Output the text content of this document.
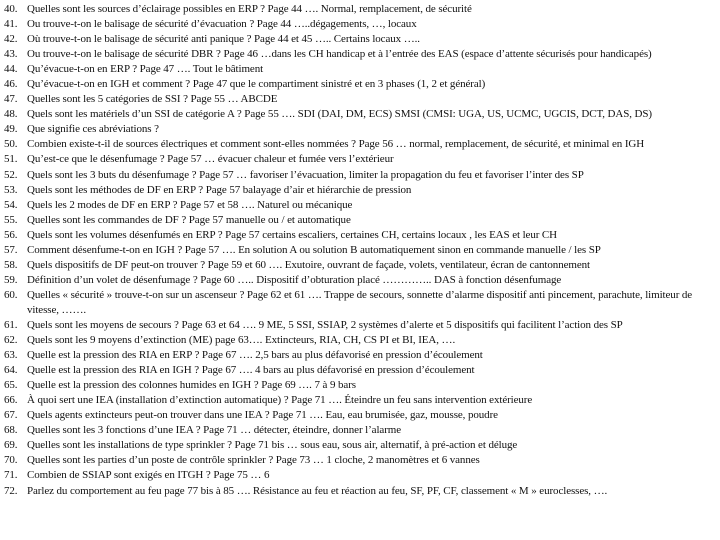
40. Quelles sont les sources d’éclairage possibles en ERP ? Page 44 …. Normal, remplacement, de sécurité
41. Ou trouve-t-on le balisage de sécurité d’évacuation ? Page 44 …..dégagements, …, locaux
42. Où trouve-t-on le balisage de sécurité anti panique ? Page 44 et 45 ….. Certains locaux …..
43. Ou trouve-t-on le balisage de sécurité DBR ? Page 46 …dans les CH handicap et à l’entrée des EAS (espace d’attente sécurisés pour handicapés)
44. Qu’évacue-t-on en ERP ? Page 47 …. Tout le bâtiment
46. Qu’évacue-t-on en IGH et comment ? Page 47 que le compartiment sinistré et en 3 phases (1, 2 et général)
47. Quelles sont les 5 catégories de SSI ? Page 55 … ABCDE
48. Quels sont les matériels d’un SSI de catégorie A ? Page 55 …. SDI (DAI, DM, ECS) SMSI (CMSI: UGA, US, UCMC, UGCIS, DCT, DAS, DS)
49. Que signifie ces abréviations ?
50. Combien existe-t-il de sources électriques et comment sont-elles nommées ? Page 56 … normal, remplacement, de sécurité, et minimal en IGH
51. Qu’est-ce que le désenfumage ? Page 57 … évacuer chaleur et fumée vers l’extérieur
52. Quels sont les 3 buts du désenfumage ? Page 57 … favoriser l’évacuation, limiter la propagation du feu et favoriser l’inter des SP
53. Quels sont les méthodes de DF en ERP ? Page 57 balayage d’air et hiérarchie de pression
54. Quels les 2 modes de DF en ERP ? Page 57 et 58 …. Naturel ou mécanique
55. Quelles sont les commandes de DF ? Page 57 manuelle ou / et automatique
56. Quels sont les volumes désenfumés en ERP ? Page 57 certains escaliers, certaines CH, certains locaux , les EAS et leur CH
57. Comment désenfume-t-on en IGH ? Page 57 …. En solution A ou solution B automatiquement sinon en commande manuelle / les SP
58. Quels dispositifs de DF peut-on trouver ? Page 59 et 60 …. Exutoire, ouvrant de façade, volets, ventilateur, écran de cantonnement
59. Définition d’un volet de désenfumage ? Page 60 ….. Dispositif d’obturation placé ………….. DAS à fonction désenfumage
60. Quelles « sécurité » trouve-t-on sur un ascenseur ? Page 62 et 61 …. Trappe de secours, sonnette d’alarme dispositif anti pincement, parachute, limiteur de vitesse, …….
61. Quels sont les moyens de secours ? Page 63 et 64 …. 9 ME, 5 SSI, SSIAP, 2 systèmes d’alerte et 5 dispositifs qui facilitent l’action des SP
62. Quels sont les 9 moyens d’extinction (ME) page 63…. Extincteurs, RIA, CH, CS PI et BI, IEA, ….
63. Quelle est la pression des RIA en ERP ? Page 67 …. 2,5 bars au plus défavorisé en pression d’écoulement
64. Quelle est la pression des RIA en IGH ? Page 67 …. 4 bars au plus défavorisé en pression d’écoulement
65. Quelle est la pression des colonnes humides en IGH ? Page 69 …. 7 à 9 bars
66. À quoi sert une IEA (installation d’extinction automatique) ? Page 71 …. Éteindre un feu sans intervention extérieure
67. Quels agents extincteurs peut-on trouver dans une IEA ? Page 71 …. Eau, eau brumisée, gaz, mousse, poudre
68. Quelles sont les 3 fonctions d’une IEA ? Page 71 … détecter, éteindre, donner l’alarme
69. Quelles sont les installations de type sprinkler ? Page 71 bis … sous eau, sous air, alternatif, à pré-action et déluge
70. Quelles sont les parties d’un poste de contrôle sprinkler ? Page 73 … 1 cloche, 2 manomètres et 6 vannes
71. Combien de SSIAP sont exigés en ITGH ? Page 75 … 6
72. Parlez du comportement au feu page 77 bis à 85 …. Résistance au feu et réaction au feu, SF, PF, CF, classement « M » euroclesses, ….
